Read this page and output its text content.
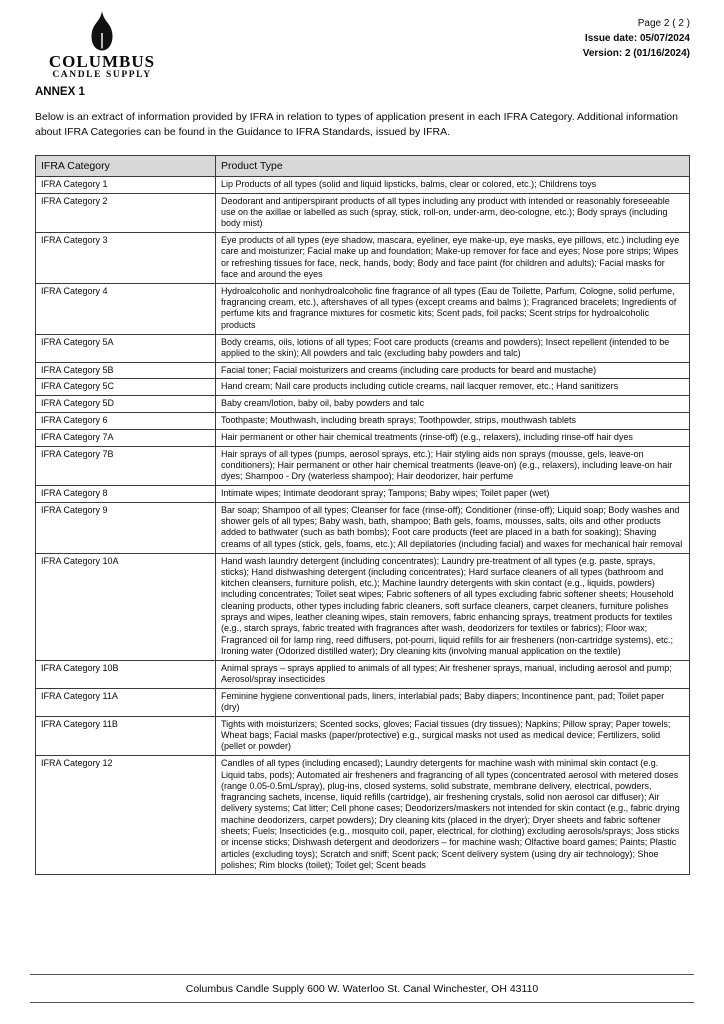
COLUMBUS
CANDLE SUPPLY
Page 2 ( 2 )
Issue date: 05/07/2024
Version: 2 (01/16/2024)
ANNEX 1

Below is an extract of information provided by IFRA in relation to types of application present in each IFRA Category. Additional information about IFRA Categories can be found in the Guidance to IFRA Standards, issued by IFRA.

IFRA Category	Product Type
IFRA Category 1	Lip Products of all types (solid and liquid lipsticks, balms, clear or colored, etc.); Childrens toys
IFRA Category 2	Deodorant and antiperspirant products of all types including any product with intended or reasonably foreseeable use on the axillae or labelled as such (spray, stick, roll-on, under-arm, deo-cologne, etc.); Body sprays (including body mist)
IFRA Category 3	Eye products of all types (eye shadow, mascara, eyeliner, eye make-up, eye masks, eye pillows, etc.) including eye care and moisturizer; Facial make up and foundation; Make-up remover for face and eyes; Nose pore strips; Wipes or refreshing tissues for face, neck, hands, body; Body and face paint (for children and adults); Facial masks for face and around the eyes
IFRA Category 4	Hydroalcoholic and nonhydroalcoholic fine fragrance of all types (Eau de Toilette, Parfum, Cologne, solid perfume, fragrancing cream, etc.), aftershaves of all types (except creams and balms ); Fragranced bracelets; Ingredients of perfume kits and fragrance mixtures for cosmetic kits; Scent pads, foil packs; Scent strips for hydroalcoholic products
IFRA Category 5A	Body creams, oils, lotions of all types; Foot care products (creams and powders); Insect repellent (intended to be applied to the skin); All powders and talc (excluding baby powders and talc)
IFRA Category 5B	Facial toner; Facial moisturizers and creams (including care products for beard and mustache)
IFRA Category 5C	Hand cream; Nail care products including cuticle creams, nail lacquer remover, etc.; Hand sanitizers
IFRA Category 5D	Baby cream/lotion, baby oil, baby powders and talc
IFRA Category 6	Toothpaste; Mouthwash, including breath sprays; Toothpowder, strips, mouthwash tablets
IFRA Category 7A	Hair permanent or other hair chemical treatments (rinse-off) (e.g., relaxers), including rinse-off hair dyes
IFRA Category 7B	Hair sprays of all types (pumps, aerosol sprays, etc.); Hair styling aids non sprays (mousse, gels, leave-on conditioners); Hair permanent or other hair chemical treatments (leave-on) (e.g., relaxers), including leave-on hair dyes; Shampoo - Dry (waterless shampoo); Hair deodorizer, hair perfume
IFRA Category 8	Intimate wipes; Intimate deodorant spray; Tampons; Baby wipes; Toilet paper (wet)
IFRA Category 9	Bar soap; Shampoo of all types; Cleanser for face (rinse-off); Conditioner (rinse-off); Liquid soap; Body washes and shower gels of all types; Baby wash, bath, shampoo; Bath gels, foams, mousses, salts, oils and other products added to bathwater (such as bath bombs); Foot care products (feet are placed in a bath for soaking); Shaving creams of all types (stick, gels, foams, etc.); All depilatories (including facial) and waxes for mechanical hair removal
IFRA Category 10A	Hand wash laundry detergent (including concentrates); Laundry pre-treatment of all types (e.g. paste, sprays, sticks); Hand dishwashing detergent (including concentrates); Hard surface cleaners of all types (bathroom and kitchen cleansers, furniture polish, etc.); Machine laundry detergents with skin contact (e.g., liquids, powders) including concentrates; Toilet seat wipes; Fabric softeners of all types excluding fabric softener sheets; Household cleaning products, other types including fabric cleaners, soft surface cleaners, carpet cleaners, furniture polishes sprays and wipes, leather cleaning wipes, stain removers, fabric enhancing sprays, treatment products for textiles (e.g., starch sprays, fabric treated with fragrances after wash, deodorizers for textiles or fabrics); Floor wax; Fragranced oil for lamp ring, reed diffusers, pot-pourri, liquid refills for air fresheners (non-cartridge systems), etc.; Ironing water (Odorized distilled water); Dry cleaning kits (involving manual application on the textile)
IFRA Category 10B	Animal sprays – sprays applied to animals of all types; Air freshener sprays, manual, including aerosol and pump; Aerosol/spray insecticides
IFRA Category 11A	Feminine hygiene conventional pads, liners, interlabial pads; Baby diapers; Incontinence pant, pad; Toilet paper (dry)
IFRA Category 11B	Tights with moisturizers; Scented socks, gloves; Facial tissues (dry tissues); Napkins; Pillow spray; Paper towels; Wheat bags; Facial masks (paper/protective) e.g., surgical masks not used as medical device; Fertilizers, solid (pellet or powder)
IFRA Category 12	Candles of all types (including encased); Laundry detergents for machine wash with minimal skin contact (e.g. Liquid tabs, pods); Automated air fresheners and fragrancing of all types (concentrated aerosol with metered doses (range 0.05-0.5mL/spray), plug-ins, closed systems, solid substrate, membrane delivery, electrical, powders, fragrancing sachets, incense, liquid refills (cartridge), air freshening crystals, solid non aerosol car diffuser); Air delivery systems; Cat litter; Cell phone cases; Deodorizers/maskers not intended for skin contact (e.g., fabric drying machine deodorizers, carpet powders); Dry cleaning kits (placed in the dryer); Dryer sheets and fabric softener sheets; Fuels; Insecticides (e.g., mosquito coil, paper, electrical, for clothing) excluding aerosols/sprays; Joss sticks or incense sticks; Dishwash detergent and deodorizers – for machine wash; Olfactive board games; Paints; Plastic articles (excluding toys); Scratch and sniff; Scent pack; Scent delivery system (using dry air technology); Shoe polishes; Rim blocks (toilet); Toilet gel; Scent beads
Columbus Candle Supply 600 W. Waterloo St. Canal Winchester, OH 43110
